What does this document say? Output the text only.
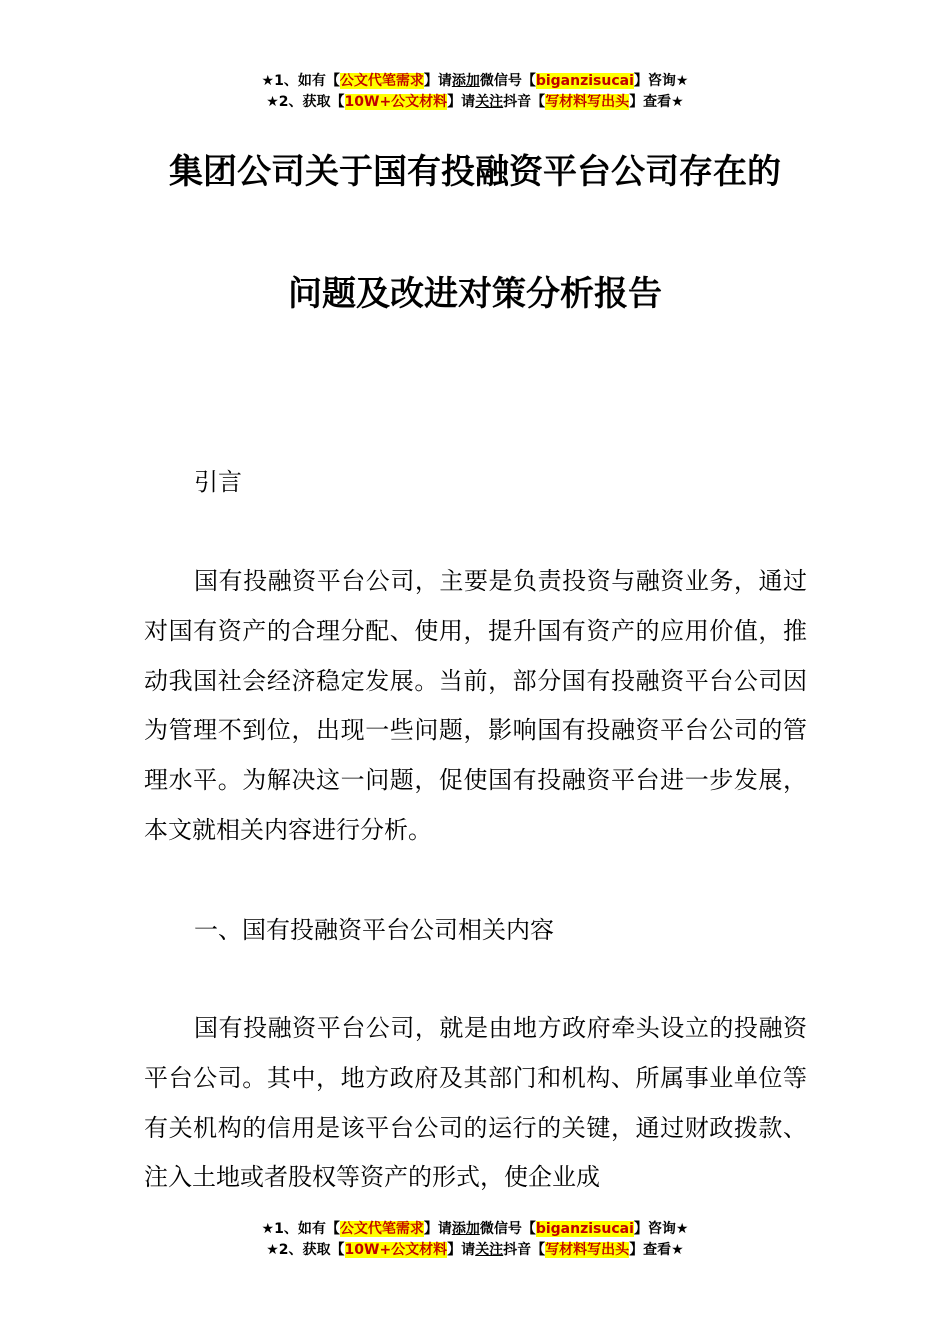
★1、如有【公文代笔需求】请添加微信号【biganzisucai】咨询★
★2、获取【10W+公文材料】请关注抖音【写材料写出头】查看★
集团公司关于国有投融资平台公司存在的
问题及改进对策分析报告
引言
国有投融资平台公司，主要是负责投资与融资业务，通过对国有资产的合理分配、使用，提升国有资产的应用价值，推动我国社会经济稳定发展。当前，部分国有投融资平台公司因为管理不到位，出现一些问题，影响国有投融资平台公司的管理水平。为解决这一问题，促使国有投融资平台进一步发展，本文就相关内容进行分析。
一、国有投融资平台公司相关内容
国有投融资平台公司，就是由地方政府牵头设立的投融资平台公司。其中，地方政府及其部门和机构、所属事业单位等有关机构的信用是该平台公司的运行的关键，通过财政拨款、注入土地或者股权等资产的形式，使企业成
★1、如有【公文代笔需求】请添加微信号【biganzisucai】咨询★
★2、获取【10W+公文材料】请关注抖音【写材料写出头】查看★
